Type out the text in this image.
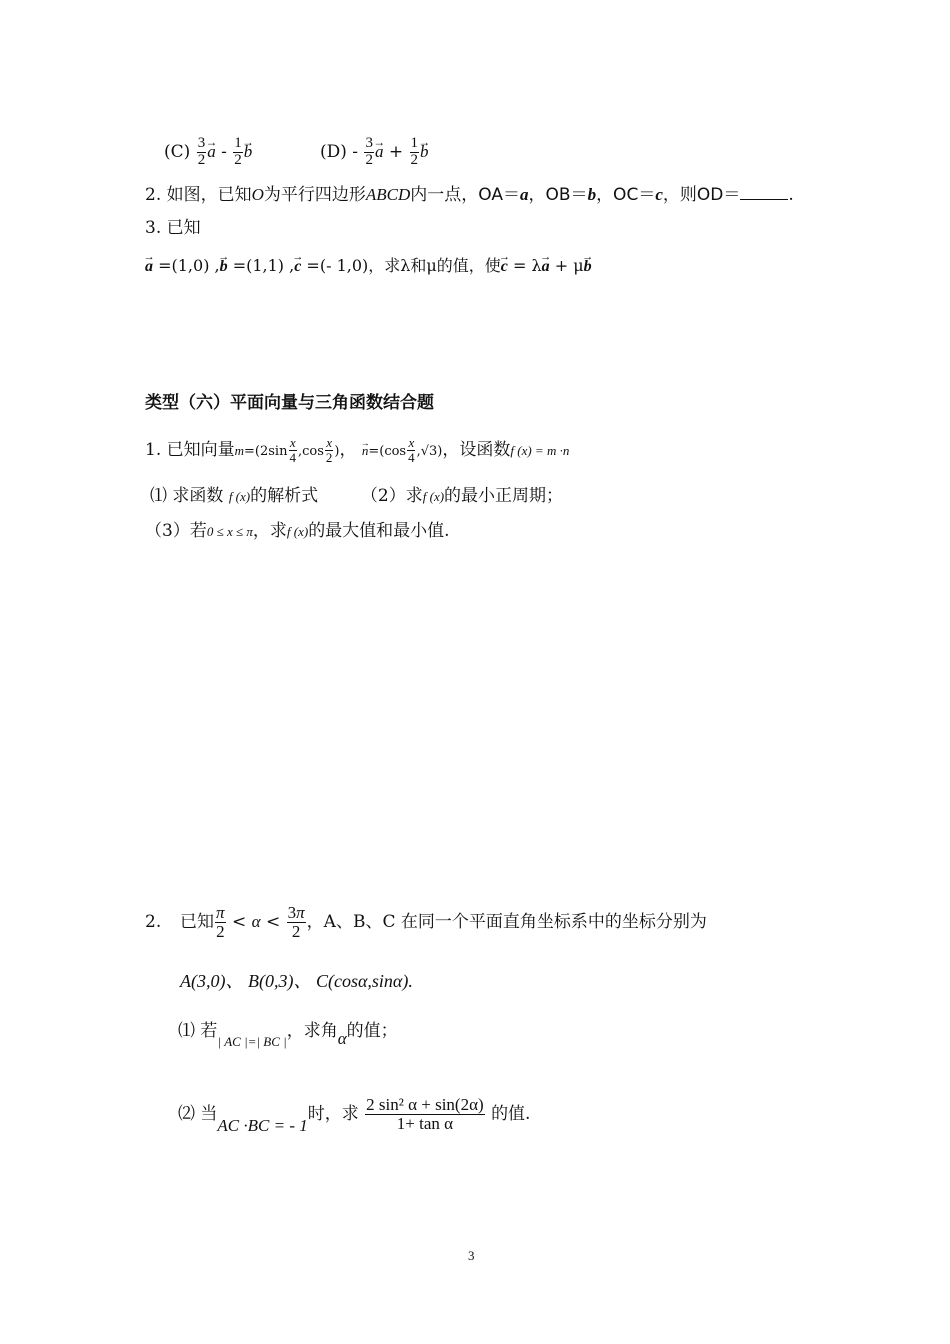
$(C) \frac{3}{2} \to a - \frac{1}{2} \to b$	$(D) - \frac{3}{2} \to a + \frac{1}{2} \to b$
2. 如图，已知O为平行四边形ABCD内一点，OA＝a，OB＝b，OC＝c，则OD＝	.
3. 已知
→ a =(1,0) ,→ b =(1,1) ,→ c =(- 1,0)，求λ和μ的值，使→ c = λ→ a + μ→ b
类型（六）平面向量与三角函数结合题
1. 已知向量$m=(2\sin \frac{x}{4} ,\cos \frac{x}{2}$ )， → $n=(\cos \frac{x}{4} ,√3)$，设函数f (x) = m ·n
⑴ 求函数 f (x)的解析式	（2）求f (x)的最小正周期；
（3）若0 ≤ x ≤ π，求f (x)的最大值和最小值.
2. 已知 $\frac{\pi}{2} < \alpha < \frac{3\pi}{2}$ ，A、B、C 在同一个平面直角坐标系中的坐标分别为
A(3,0)、 B(0,3)、 C(cosα,sinα).
⑴ 若$_{| AC |=| BC |}$，求角α的值；
⑵ 当AC ·BC = - 1时，求 $\frac{\text{2 sin² α + sin(2α)}}{\text{1+ tan α}}$ 的值.
3
